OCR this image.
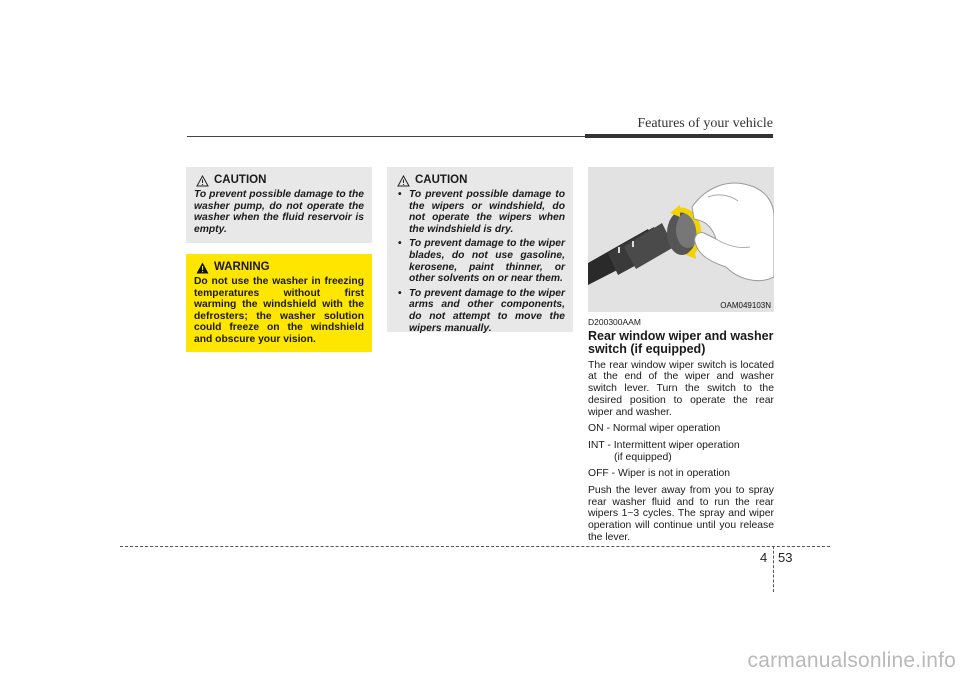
Features of your vehicle
CAUTION
To prevent possible damage to the washer pump, do not operate the washer when the fluid reservoir is empty.
WARNING
Do not use the washer in freezing temperatures without first warming the windshield with the defrosters; the washer solution could freeze on the windshield and obscure your vision.
CAUTION
• To prevent possible damage to the wipers or windshield, do not operate the wipers when the windshield is dry.
• To prevent damage to the wiper blades, do not use gasoline, kerosene, paint thinner, or other solvents on or near them.
• To prevent damage to the wiper arms and other components, do not attempt to move the wipers manually.
OAM049103N
D200300AAM
Rear window wiper and washer switch (if equipped)

The rear window wiper switch is located at the end of the wiper and washer switch lever. Turn the switch to the desired position to operate the rear wiper and washer.

ON - Normal wiper operation

INT - Intermittent wiper operation

(if equipped)

OFF - Wiper is not in operation

Push the lever away from you to spray rear washer fluid and to run the rear wipers 1~3 cycles. The spray and wiper operation will continue until you release the lever.

4 53
carmanualsonline.info
